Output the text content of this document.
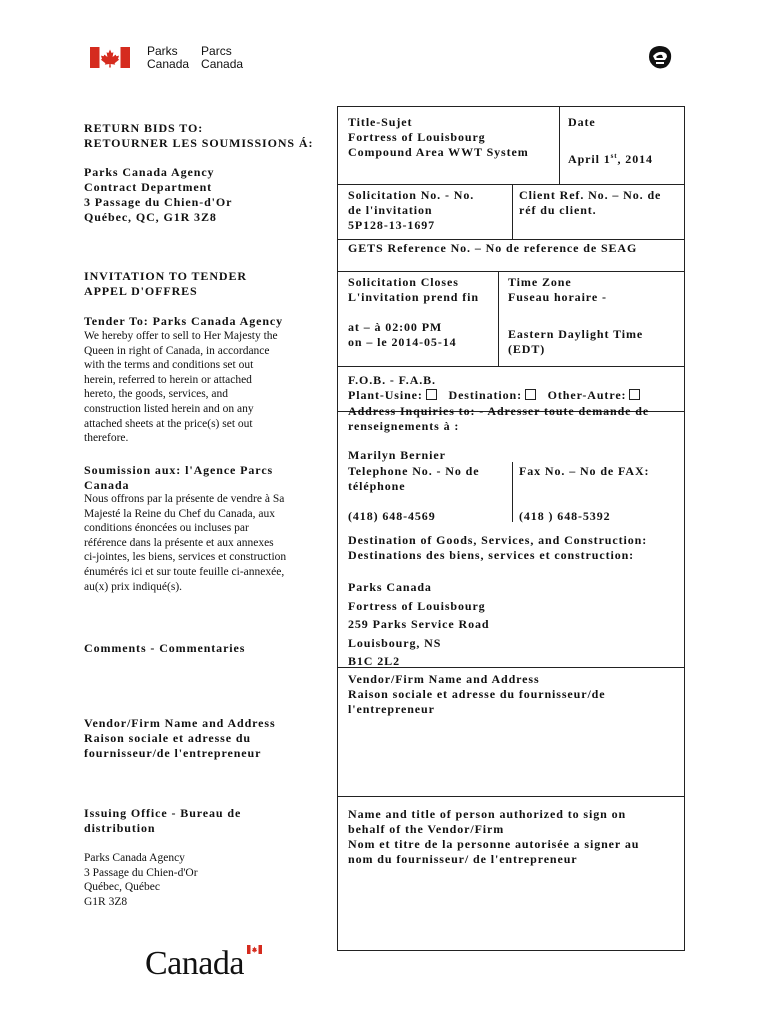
Parks
Canada
Parcs
Canada
RETURN BIDS TO:
RETOURNER LES SOUMISSIONS Á:
Parks Canada Agency
Contract Department
3 Passage du Chien-d'Or
Québec, QC, G1R 3Z8
INVITATION TO TENDER
APPEL D'OFFRES
Tender To: Parks Canada Agency
We hereby offer to sell to Her Majesty the
Queen in right of Canada, in accordance
with the terms and conditions set out
herein, referred to herein or attached
hereto, the goods, services, and
construction listed herein and on any
attached sheets at the price(s) set out
therefore.
Soumission aux: l'Agence Parcs
Canada
Nous offrons par la présente de vendre à Sa
Majesté la Reine du Chef du Canada, aux
conditions énoncées ou incluses par
référence dans la présente et aux annexes
ci-jointes, les biens, services et construction
énumérés ici et sur toute feuille ci-annexée,
au(x) prix indiqué(s).
Comments - Commentaries
Vendor/Firm Name and Address
Raison sociale et adresse du
fournisseur/de l'entrepreneur
Issuing Office - Bureau de
distribution
Parks Canada Agency
3 Passage du Chien-d'Or
Québec, Québec
G1R 3Z8
Title-Sujet
Fortress of Louisbourg
Compound Area WWT System
Date
April 1st, 2014
Solicitation No. - No.
de l'invitation
5P128-13-1697
Client Ref. No. – No. de
réf du client.
GETS Reference No. – No de reference de SEAG
Solicitation Closes
L'invitation prend fin
at – à 02:00 PM
on – le 2014-05-14
Time Zone
Fuseau horaire -
Eastern Daylight Time
(EDT)
F.O.B. - F.A.B.
Plant-Usine: Destination: Other-Autre:
Address Inquiries to: - Adresser toute demande de
renseignements à :
Marilyn Bernier
Telephone No. - No de
téléphone
Fax No. – No de FAX:
(418) 648-4569	(418 ) 648-5392
Destination of Goods, Services, and Construction:
Destinations des biens, services et construction:
Parks Canada
Fortress of Louisbourg
259 Parks Service Road
Louisbourg, NS
B1C 2L2
Vendor/Firm Name and Address
Raison sociale et adresse du fournisseur/de
l'entrepreneur
Name and title of person authorized to sign on
behalf of the Vendor/Firm
Nom et titre de la personne autorisée a signer au
nom du fournisseur/ de l'entrepreneur
Canada
